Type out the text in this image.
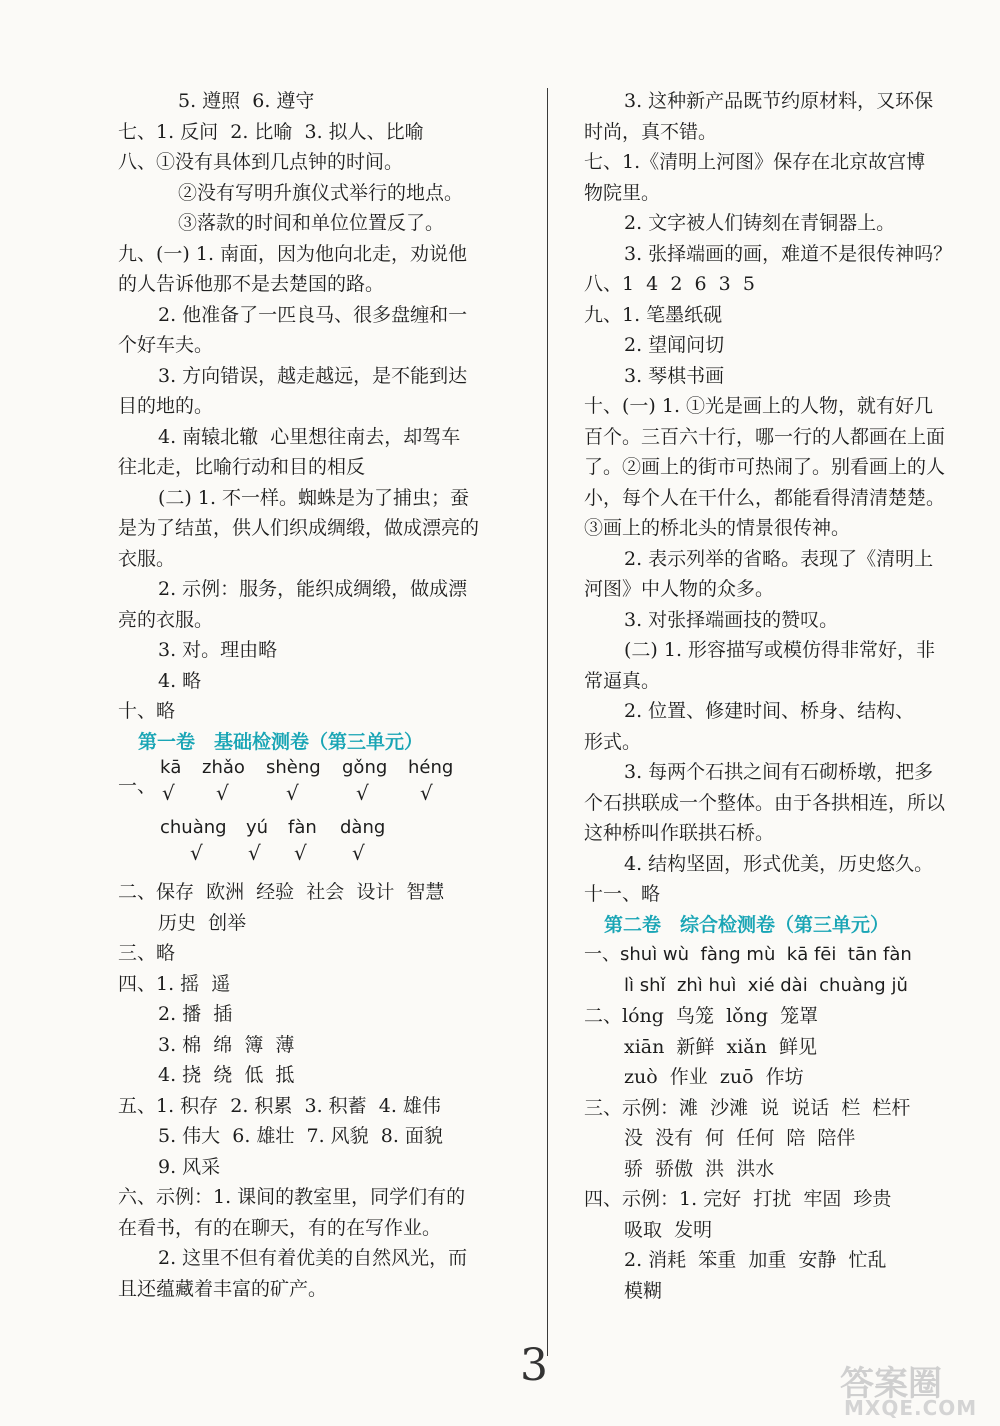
5. 遵照  6. 遵守
七、1. 反问  2. 比喻  3. 拟人、比喻
八、①没有具体到几点钟的时间。
②没有写明升旗仪式举行的地点。
③落款的时间和单位位置反了。
九、(一) 1. 南面，因为他向北走，劝说他
的人告诉他那不是去楚国的路。
2. 他准备了一匹良马、很多盘缠和一
个好车夫。
3. 方向错误，越走越远，是不能到达
目的地的。
4. 南辕北辙  心里想往南去，却驾车
往北走，比喻行动和目的相反
(二) 1. 不一样。蜘蛛是为了捕虫；蚕
是为了结茧，供人们织成绸缎，做成漂亮的
衣服。
2. 示例：服务，能织成绸缎，做成漂
亮的衣服。
3. 对。理由略
4. 略
十、略
第一卷　基础检测卷（第三单元）
kā zhǎo shèng gǒng héng
一、 √ √	√	√	√
chuàng yú fàn dàng
√ √ √ √
二、保存  欧洲  经验  社会  设计  智慧
历史  创举
三、略
四、1. 摇  遥
2. 播  插
3. 棉  绵  簿  薄
4. 挠  绕  低  抵
五、1. 积存  2. 积累  3. 积蓄  4. 雄伟
5. 伟大  6. 雄壮  7. 风貌  8. 面貌
9. 风采
六、示例：1. 课间的教室里，同学们有的
在看书，有的在聊天，有的在写作业。
2. 这里不但有着优美的自然风光，而
且还蕴藏着丰富的矿产。
3. 这种新产品既节约原材料，又环保
时尚，真不错。
七、1.《清明上河图》保存在北京故宫博
物院里。
2. 文字被人们铸刻在青铜器上。
3. 张择端画的画，难道不是很传神吗？
八、1  4  2  6  3  5
九、1. 笔墨纸砚
2. 望闻问切
3. 琴棋书画
十、(一) 1. ①光是画上的人物，就有好几
百个。三百六十行，哪一行的人都画在上面
了。②画上的街市可热闹了。别看画上的人
小，每个人在干什么，都能看得清清楚楚。
③画上的桥北头的情景很传神。
2. 表示列举的省略。表现了《清明上
河图》中人物的众多。
3. 对张择端画技的赞叹。
(二) 1. 形容描写或模仿得非常好，非
常逼真。
2. 位置、修建时间、桥身、结构、
形式。
3. 每两个石拱之间有石砌桥墩，把多
个石拱联成一个整体。由于各拱相连，所以
这种桥叫作联拱石桥。
4. 结构坚固，形式优美，历史悠久。
十一、略
第二卷　综合检测卷（第三单元）
一、shuì wù  fàng mù  kā fēi  tān fàn
lì shǐ  zhì huì  xié dài  chuàng jǔ
二、lóng  鸟笼  lǒng  笼罩
xiān  新鲜  xiǎn  鲜见
zuò  作业  zuō  作坊
三、示例：滩  沙滩  说  说话  栏  栏杆
没  没有  何  任何  陪  陪伴
骄  骄傲  洪  洪水
四、示例：1. 完好  打扰  牢固  珍贵
吸取  发明
2. 消耗  笨重  加重  安静  忙乱
模糊
3	答案圈
MXQE.COM
